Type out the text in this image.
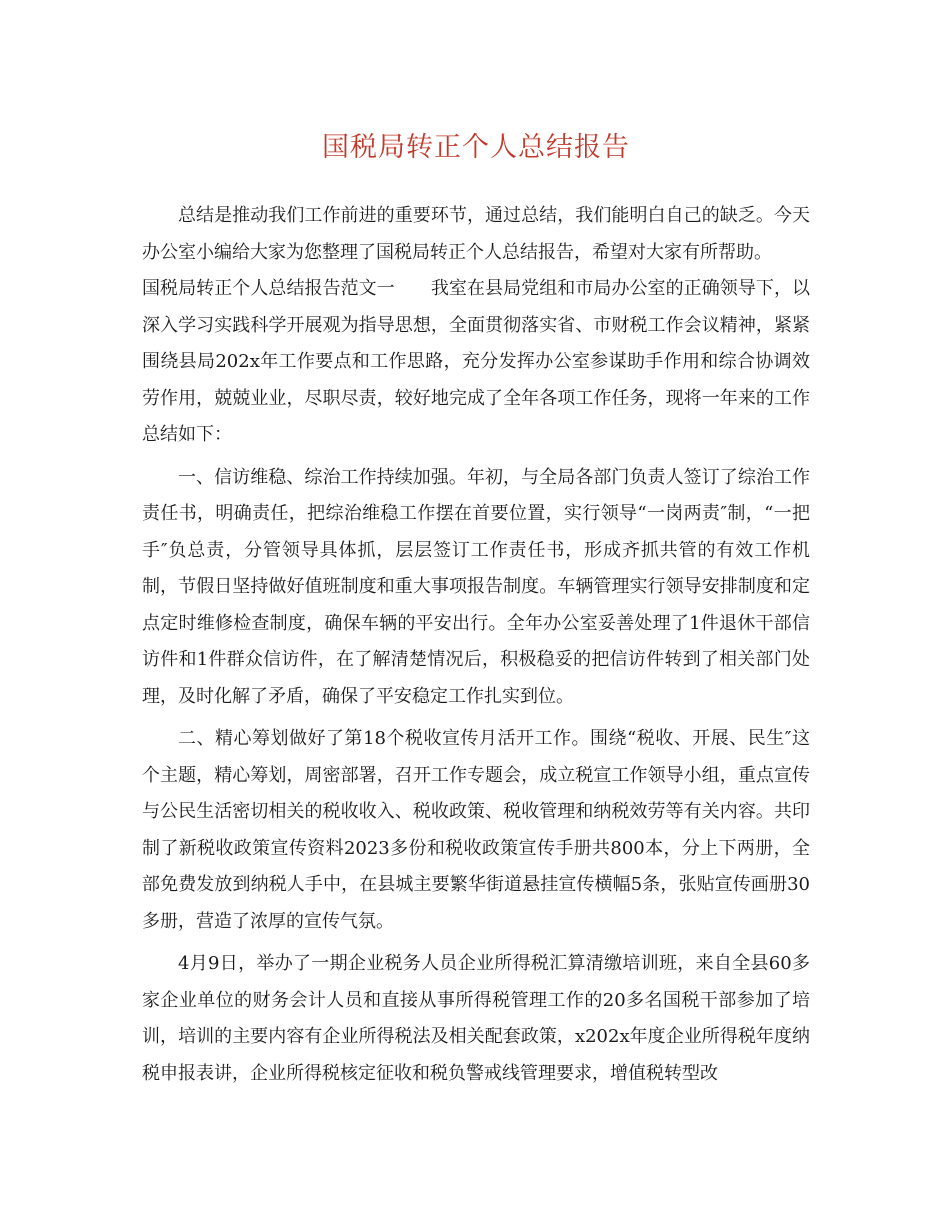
国税局转正个人总结报告

总结是推动我们工作前进的重要环节，通过总结，我们能明白自己的缺乏。今天办公室小编给大家为您整理了国税局转正个人总结报告，希望对大家有所帮助。

国税局转正个人总结报告范文一 我室在县局党组和市局办公室的正确领导下，以深入学习实践科学开展观为指导思想，全面贯彻落实省、市财税工作会议精神，紧紧围绕县局202x年工作要点和工作思路，充分发挥办公室参谋助手作用和综合协调效劳作用，兢兢业业，尽职尽责，较好地完成了全年各项工作任务，现将一年来的工作总结如下：

一、信访维稳、综治工作持续加强。年初，与全局各部门负责人签订了综治工作责任书，明确责任，把综治维稳工作摆在首要位置，实行领导“一岗两责″制，“一把手″负总责，分管领导具体抓，层层签订工作责任书，形成齐抓共管的有效工作机制，节假日坚持做好值班制度和重大事项报告制度。车辆管理实行领导安排制度和定点定时维修检查制度，确保车辆的平安出行。全年办公室妥善处理了1件退休干部信访件和1件群众信访件，在了解清楚情况后，积极稳妥的把信访件转到了相关部门处理，及时化解了矛盾，确保了平安稳定工作扎实到位。

二、精心筹划做好了第18个税收宣传月活开工作。围绕“税收、开展、民生″这个主题，精心筹划，周密部署，召开工作专题会，成立税宣工作领导小组，重点宣传与公民生活密切相关的税收收入、税收政策、税收管理和纳税效劳等有关内容。共印制了新税收政策宣传资料2023多份和税收政策宣传手册共800本，分上下两册，全部免费发放到纳税人手中，在县城主要繁华街道悬挂宣传横幅5条，张贴宣传画册30多册，营造了浓厚的宣传气氛。

4月9日，举办了一期企业税务人员企业所得税汇算清缴培训班，来自全县60多家企业单位的财务会计人员和直接从事所得税管理工作的20多名国税干部参加了培训，培训的主要内容有企业所得税法及相关配套政策，x202x年度企业所得税年度纳税申报表讲，企业所得税核定征收和税负警戒线管理要求，增值税转型改
